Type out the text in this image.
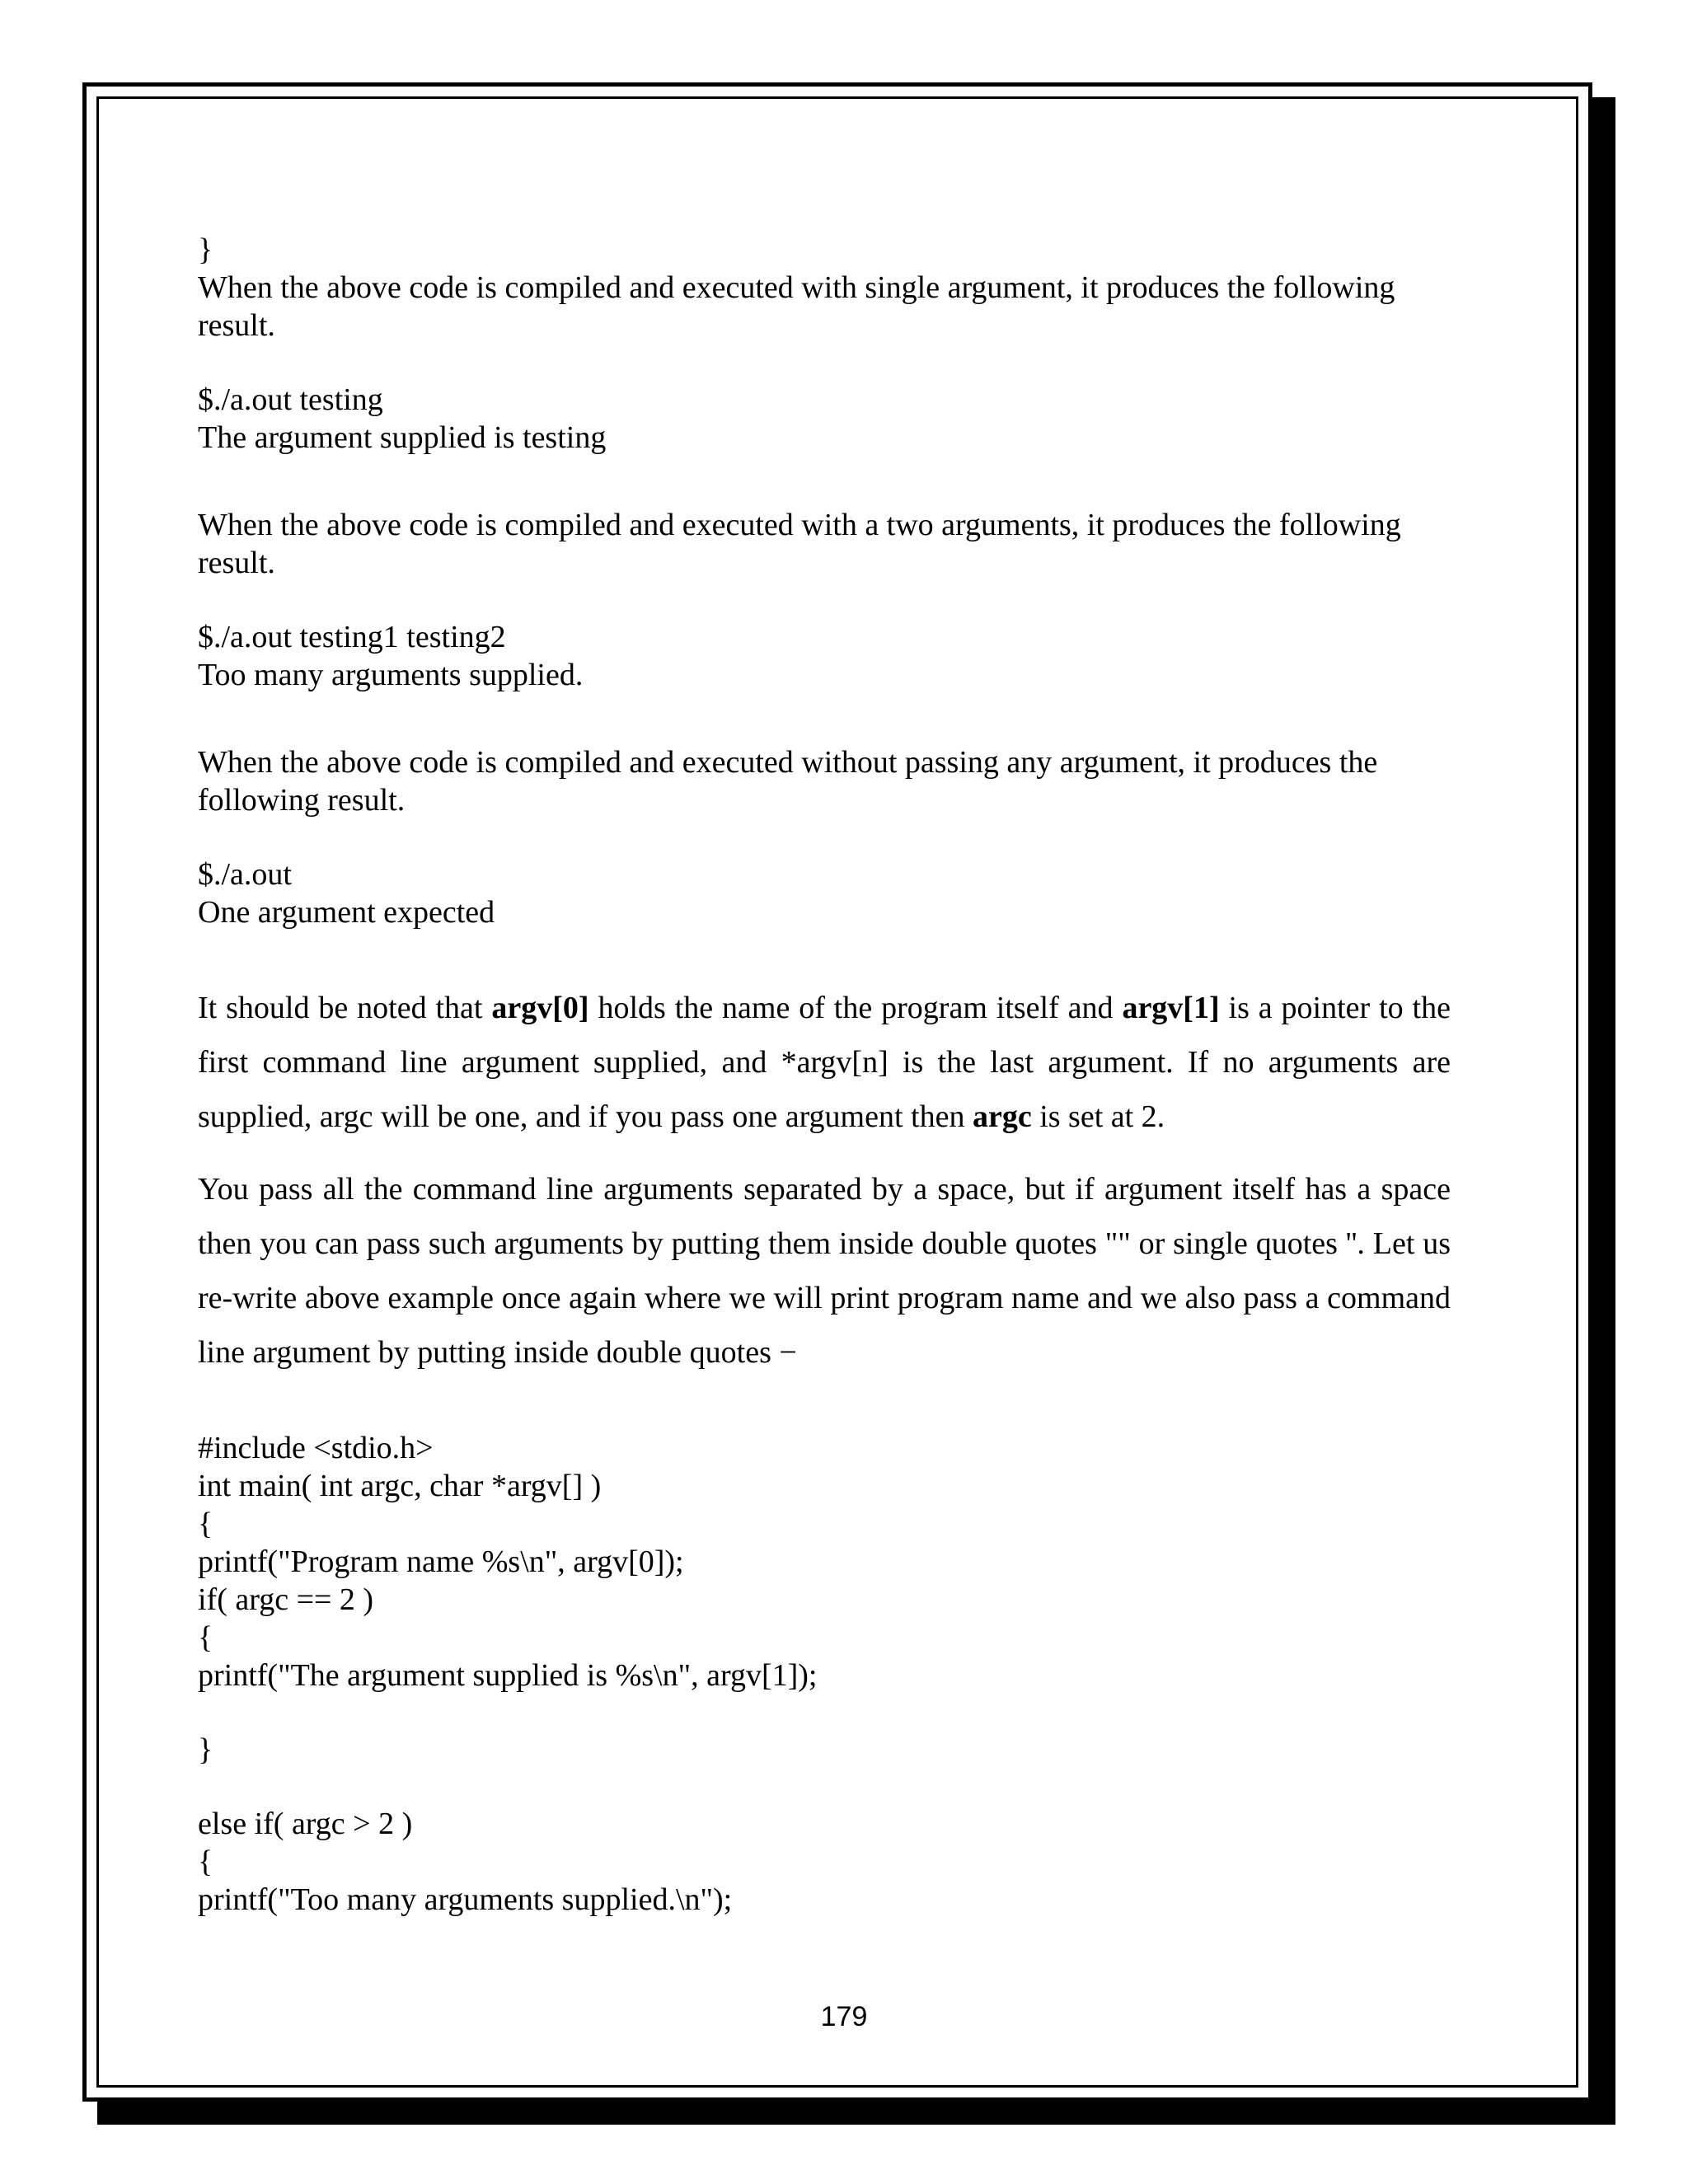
}

When the above code is compiled and executed with single argument, it produces the following

result.

$./a.out testing

The argument supplied is testing

When the above code is compiled and executed with a two arguments, it produces the following

result.

$./a.out testing1 testing2

Too many arguments supplied.

When the above code is compiled and executed without passing any argument, it produces the

following result.

$./a.out

One argument expected

It should be noted that argv[0] holds the name of the program itself and argv[1] is a pointer to the first command line argument supplied, and *argv[n] is the last argument. If no arguments are supplied, argc will be one, and if you pass one argument then argc is set at 2.

You pass all the command line arguments separated by a space, but if argument itself has a space then you can pass such arguments by putting them inside double quotes "" or single quotes ''. Let us re-write above example once again where we will print program name and we also pass a command line argument by putting inside double quotes −

#include <stdio.h>

int main( int argc, char *argv[] )

{

printf("Program name %s\n", argv[0]);

if( argc == 2 )

{

printf("The argument supplied is %s\n", argv[1]);

}

else if( argc > 2 )

{

printf("Too many arguments supplied.\n");

179
